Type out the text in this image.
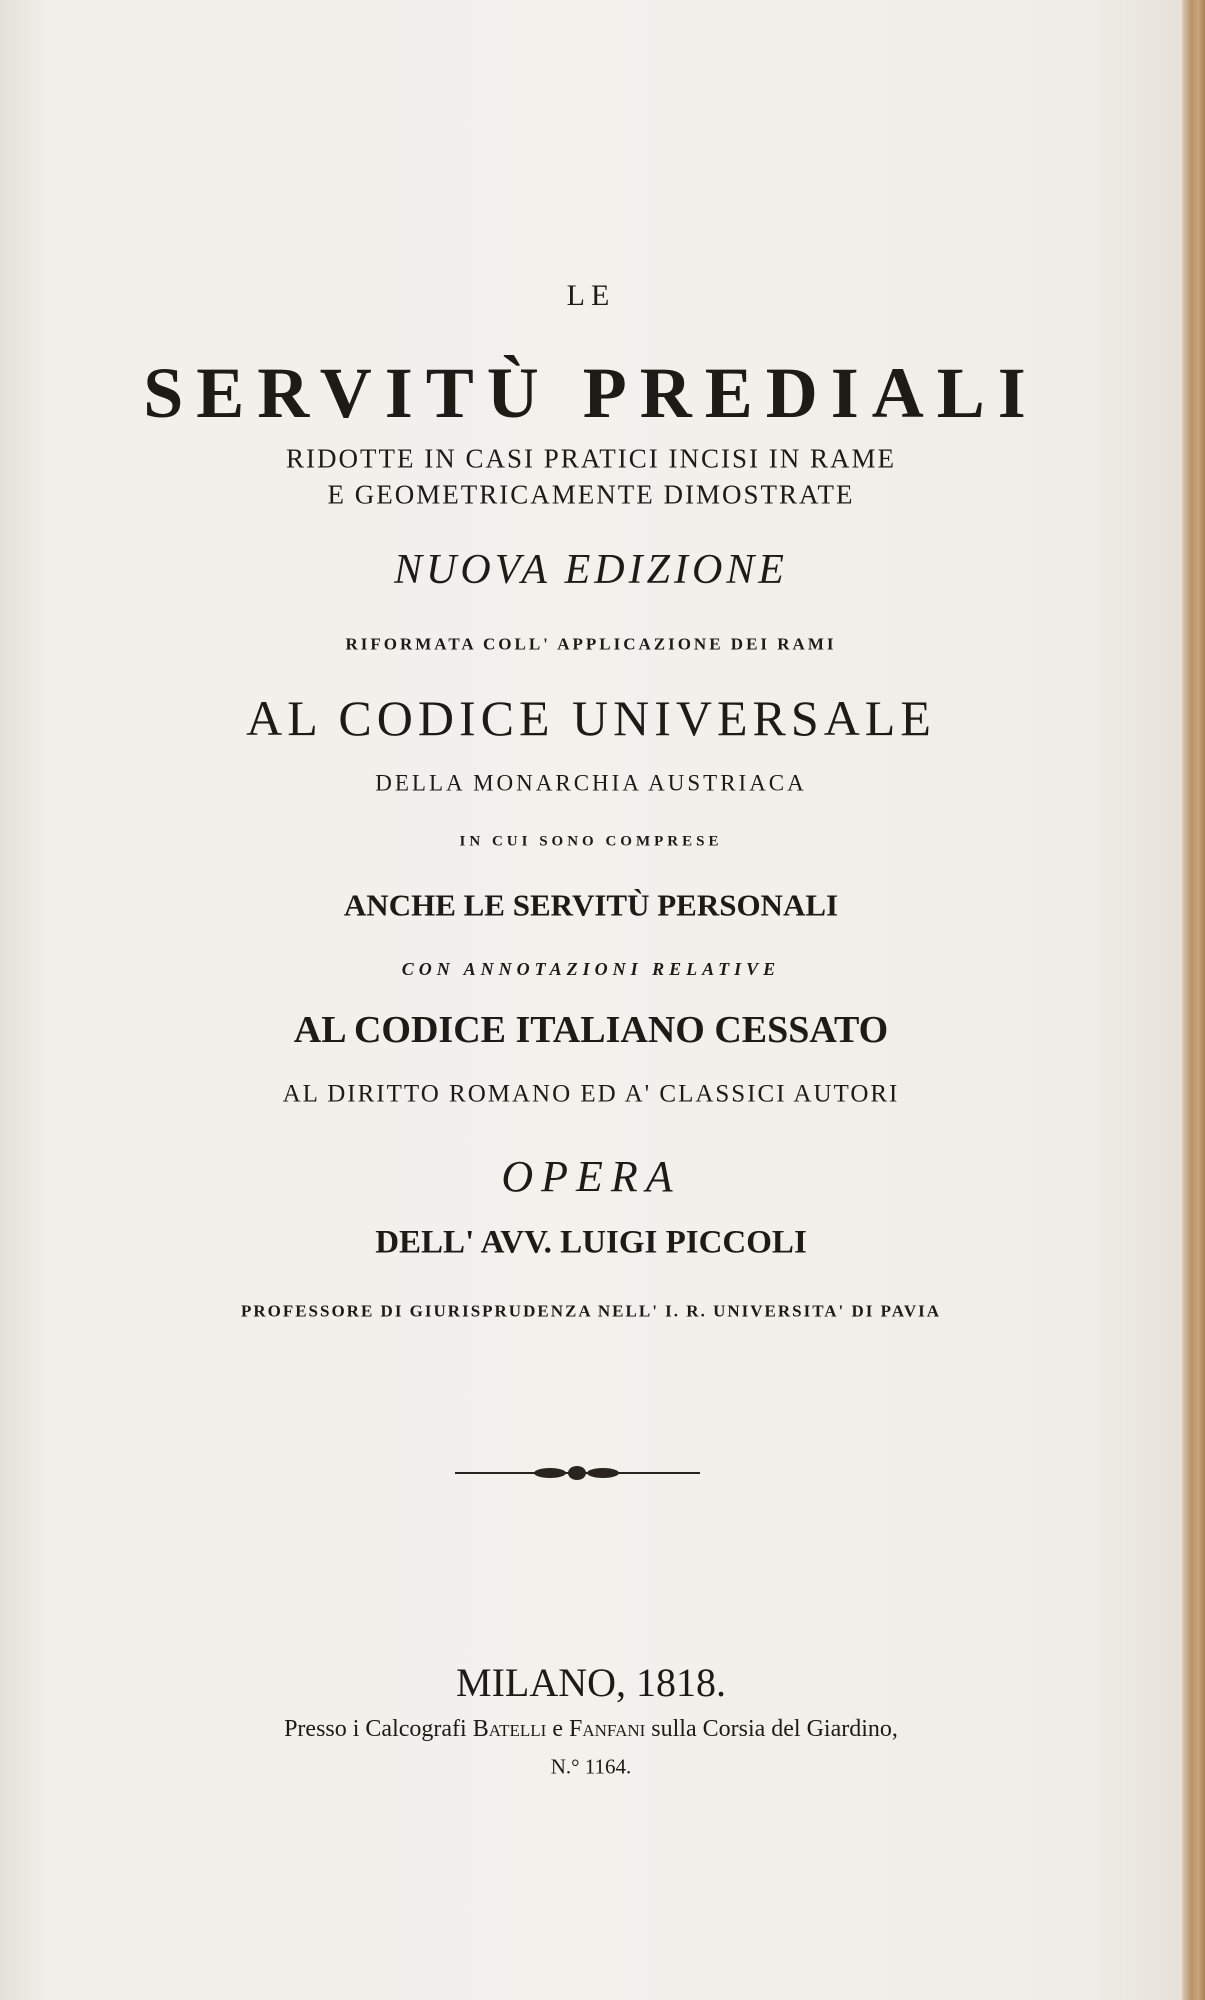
LE
SERVITÙ PREDIALI
RIDOTTE IN CASI PRATICI INCISI IN RAME
E GEOMETRICAMENTE DIMOSTRATE
NUOVA EDIZIONE
RIFORMATA COLL' APPLICAZIONE DEI RAMI
AL CODICE UNIVERSALE
DELLA MONARCHIA AUSTRIACA
IN CUI SONO COMPRESE
ANCHE LE SERVITÙ PERSONALI
CON ANNOTAZIONI RELATIVE
AL CODICE ITALIANO CESSATO
AL DIRITTO ROMANO ED A' CLASSICI AUTORI
OPERA
DELL' AVV. LUIGI PICCOLI
PROFESSORE DI GIURISPRUDENZA NELL' I. R. UNIVERSITA' DI PAVIA
MILANO, 1818.
Presso i Calcografi Batelli e Fanfani sulla Corsia del Giardino,
N.° 1164.
